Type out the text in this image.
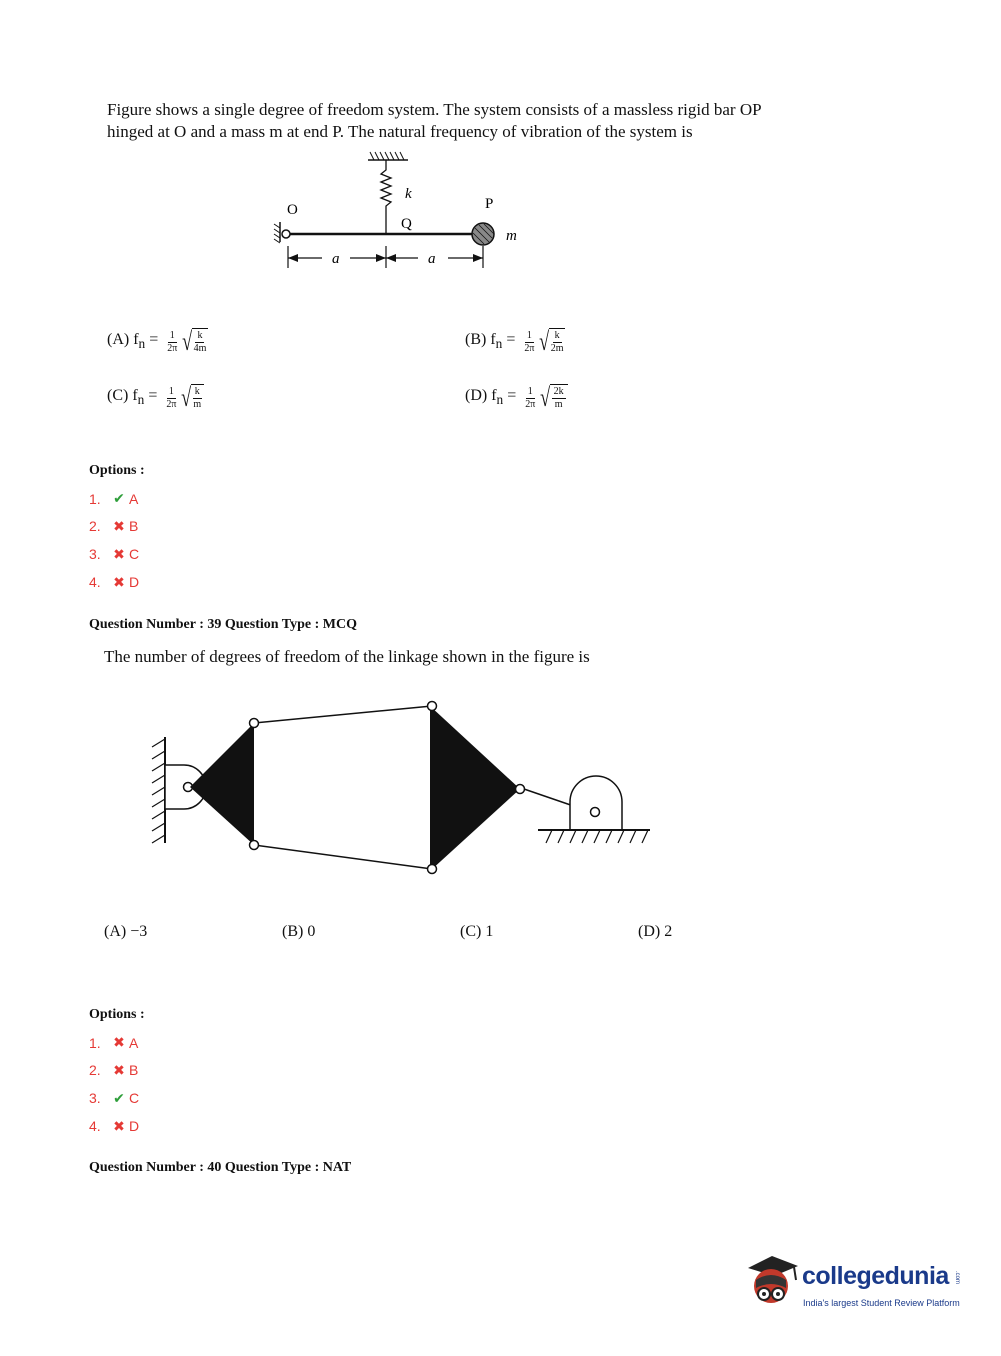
Figure shows a single degree of freedom system. The system consists of a massless rigid bar OP
hinged at O and a mass m at end P. The natural frequency of vibration of the system is
k
Q
O	P
m
a	a
(A) $f_n = \frac{1}{2\pi}$ √ k
4m
(B) $f_n = \frac{1}{2\pi}$ √ k
2m
(C) $f_n = \frac{1}{2\pi}$ √ k
m
(D) $f_n = \frac{1}{2\pi}$ √ 2k
m
Options :
1. ✔ A
2. ✖ B
3. ✖ C
4. ✖ D
Question Number : 39 Question Type : MCQ
The number of degrees of freedom of the linkage shown in the figure is
(A) −3	(B) 0	(C) 1	(D) 2
Options :
1. ✖ A
2. ✖ B
3. ✔ C
4. ✖ D
Question Number : 40 Question Type : NAT
collegedunia .com
India's largest Student Review Platform
